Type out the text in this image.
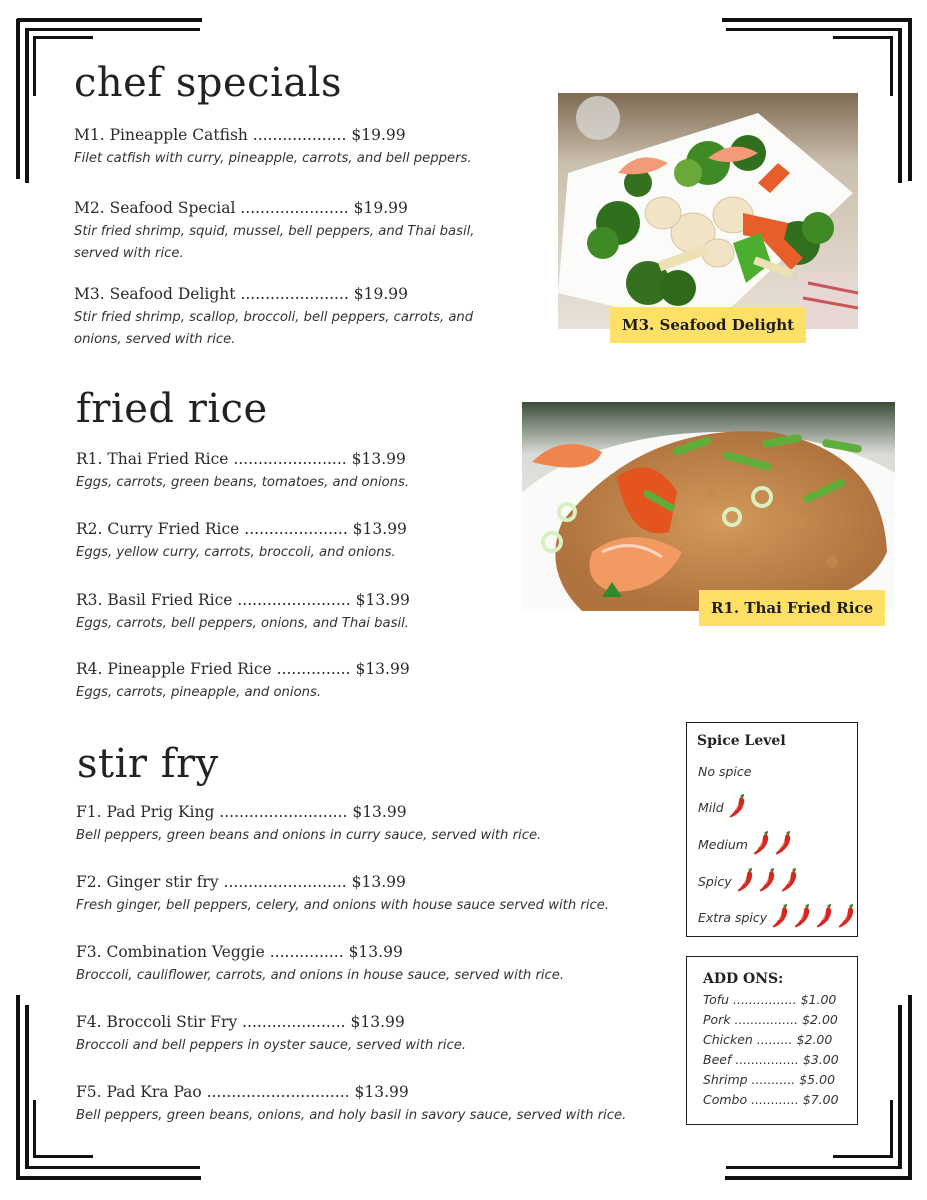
chef specials
M1. Pineapple Catfish ................... $19.99
Filet catfish with curry, pineapple, carrots, and bell peppers.
M2. Seafood Special ...................... $19.99
Stir fried shrimp, squid, mussel, bell peppers, and Thai basil, served with rice.
M3. Seafood Delight ...................... $19.99
Stir fried shrimp, scallop, broccoli, bell peppers, carrots, and onions, served with rice.
M3. Seafood Delight
fried rice
R1. Thai Fried Rice ....................... $13.99
Eggs, carrots, green beans, tomatoes, and onions.
R2. Curry Fried Rice ..................... $13.99
Eggs, yellow curry, carrots, broccoli, and onions.
R3. Basil Fried Rice ....................... $13.99
Eggs, carrots, bell peppers, onions, and Thai basil.
R4. Pineapple Fried Rice ............... $13.99
Eggs, carrots, pineapple, and onions.
R1. Thai Fried Rice
stir fry
F1. Pad Prig King .......................... $13.99
Bell peppers, green beans and onions in curry sauce, served with rice.
F2. Ginger stir fry ......................... $13.99
Fresh ginger, bell peppers, celery, and onions with house sauce served with rice.
F3. Combination Veggie ............... $13.99
Broccoli, cauliflower, carrots, and onions in house sauce, served with rice.
F4. Broccoli Stir Fry ..................... $13.99
Broccoli and bell peppers in oyster sauce, served with rice.
F5. Pad Kra Pao ............................. $13.99
Bell peppers, green beans, onions, and holy basil in savory sauce, served with rice.
Spice Level
No spice
Mild
Medium
Spicy
Extra spicy
ADD ONS:
Tofu ................ $1.00
Pork ................ $2.00
Chicken ......... $2.00
Beef ................ $3.00
Shrimp ........... $5.00
Combo ............ $7.00
